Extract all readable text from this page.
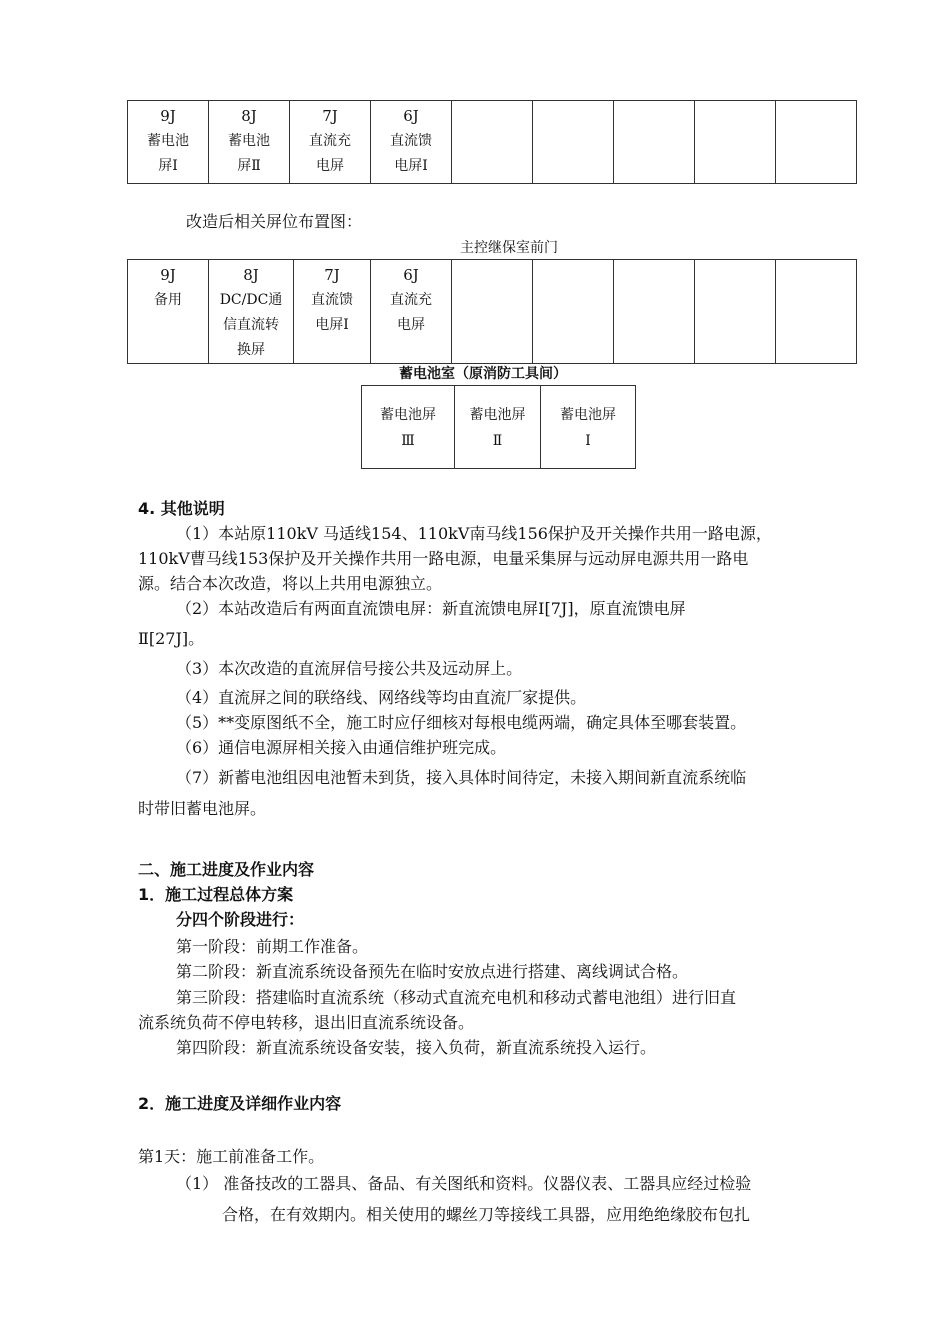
9J
蓄电池
屏Ⅰ

8J
蓄电池
屏Ⅱ

7J
直流充
电屏

6J
直流馈
电屏Ⅰ

改造后相关屏位布置图：
主控继保室前门
9J
备用

8J
DC/DC通
信直流转
换屏

7J
直流馈
电屏Ⅰ

6J
直流充
电屏

蓄电池室（原消防工具间）
蓄电池屏
Ⅲ

蓄电池屏
Ⅱ

蓄电池屏
Ⅰ
4. 其他说明
（1）本站原110kV 马适线154、110kV南马线156保护及开关操作共用一路电源，
110kV曹马线153保护及开关操作共用一路电源，电量采集屏与远动屏电源共用一路电
源。结合本次改造，将以上共用电源独立。
（2）本站改造后有两面直流馈电屏：新直流馈电屏Ⅰ[7J]，原直流馈电屏
Ⅱ[27J]。
（3）本次改造的直流屏信号接公共及远动屏上。
（4）直流屏之间的联络线、网络线等均由直流厂家提供。
（5）**变原图纸不全，施工时应仔细核对每根电缆两端，确定具体至哪套装置。
（6）通信电源屏相关接入由通信维护班完成。
（7）新蓄电池组因电池暂未到货，接入具体时间待定，未接入期间新直流系统临
时带旧蓄电池屏。
二、施工进度及作业内容
1．施工过程总体方案
分四个阶段进行：
第一阶段：前期工作准备。
第二阶段：新直流系统设备预先在临时安放点进行搭建、离线调试合格。
第三阶段：搭建临时直流系统（移动式直流充电机和移动式蓄电池组）进行旧直
流系统负荷不停电转移，退出旧直流系统设备。
第四阶段：新直流系统设备安装，接入负荷，新直流系统投入运行。
2．施工进度及详细作业内容
第1天：施工前准备工作。
（1） 准备技改的工器具、备品、有关图纸和资料。仪器仪表、工器具应经过检验
合格，在有效期内。相关使用的螺丝刀等接线工具器，应用绝绝缘胶布包扎
